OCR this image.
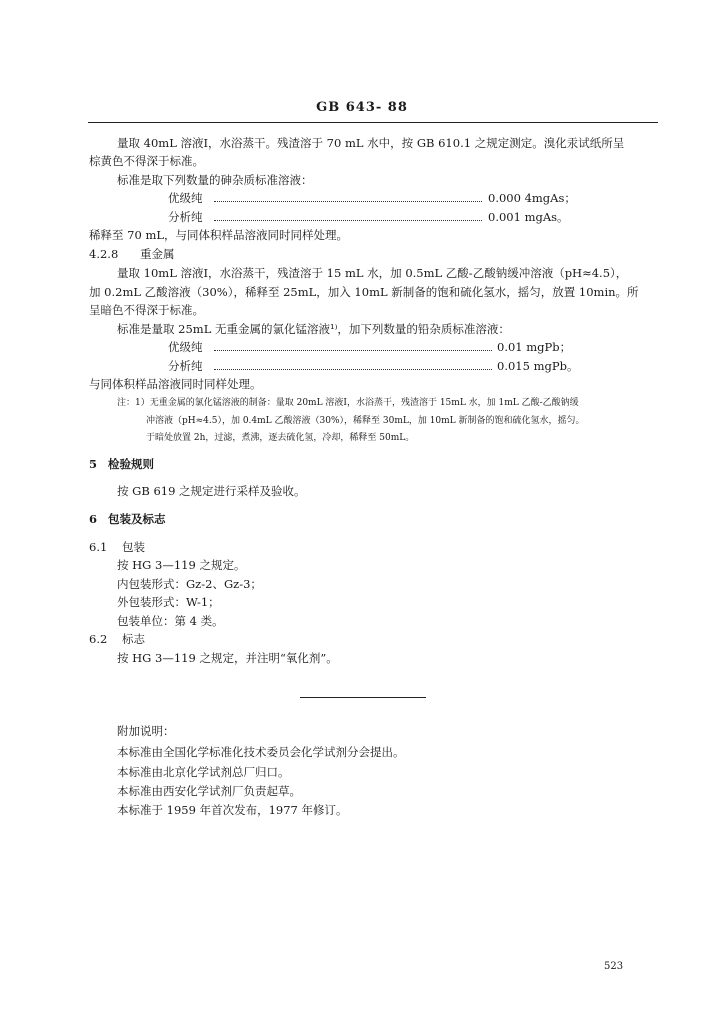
GB 643- 88
量取 40mL 溶液Ⅰ，水浴蒸干。残渣溶于 70 mL 水中，按 GB 610.1 之规定测定。溴化汞试纸所呈
棕黄色不得深于标准。
标准是取下列数量的砷杂质标准溶液：
优级纯	0.000 4mgAs；
分析纯	0.001 mgAs。
稀释至 70 mL，与同体积样品溶液同时同样处理。
4.2.8 重金属
量取 10mL 溶液Ⅰ，水浴蒸干，残渣溶于 15 mL 水，加 0.5mL 乙酸-乙酸钠缓冲溶液（pH≈4.5），
加 0.2mL 乙酸溶液（30%），稀释至 25mL，加入 10mL 新制备的饱和硫化氢水，摇匀，放置 10min。所
呈暗色不得深于标准。
标准是量取 25mL 无重金属的氯化锰溶液¹⁾，加下列数量的铅杂质标准溶液：
优级纯	0.01 mgPb；
分析纯	0.015 mgPb。
与同体积样品溶液同时同样处理。
注：1）无重金属的氯化锰溶液的制备：量取 20mL 溶液Ⅰ，水浴蒸干，残渣溶于 15mL 水，加 1mL 乙酸-乙酸钠缓
冲溶液（pH≈4.5），加 0.4mL 乙酸溶液（30%），稀释至 30mL，加 10mL 新制备的饱和硫化氢水，摇匀。
于暗处放置 2h，过滤，煮沸，逐去硫化氢，冷却，稀释至 50mL。
5 检验规则
按 GB 619 之规定进行采样及验收。
6 包装及标志
6.1 包装
按 HG 3—119 之规定。
内包装形式：Gz-2、Gz-3；
外包装形式：W-1；
包装单位：第 4 类。
6.2 标志
按 HG 3—119 之规定，并注明“氧化剂”。
附加说明：
本标准由全国化学标准化技术委员会化学试剂分会提出。
本标准由北京化学试剂总厂归口。
本标准由西安化学试剂厂负责起草。
本标准于 1959 年首次发布，1977 年修订。
523
